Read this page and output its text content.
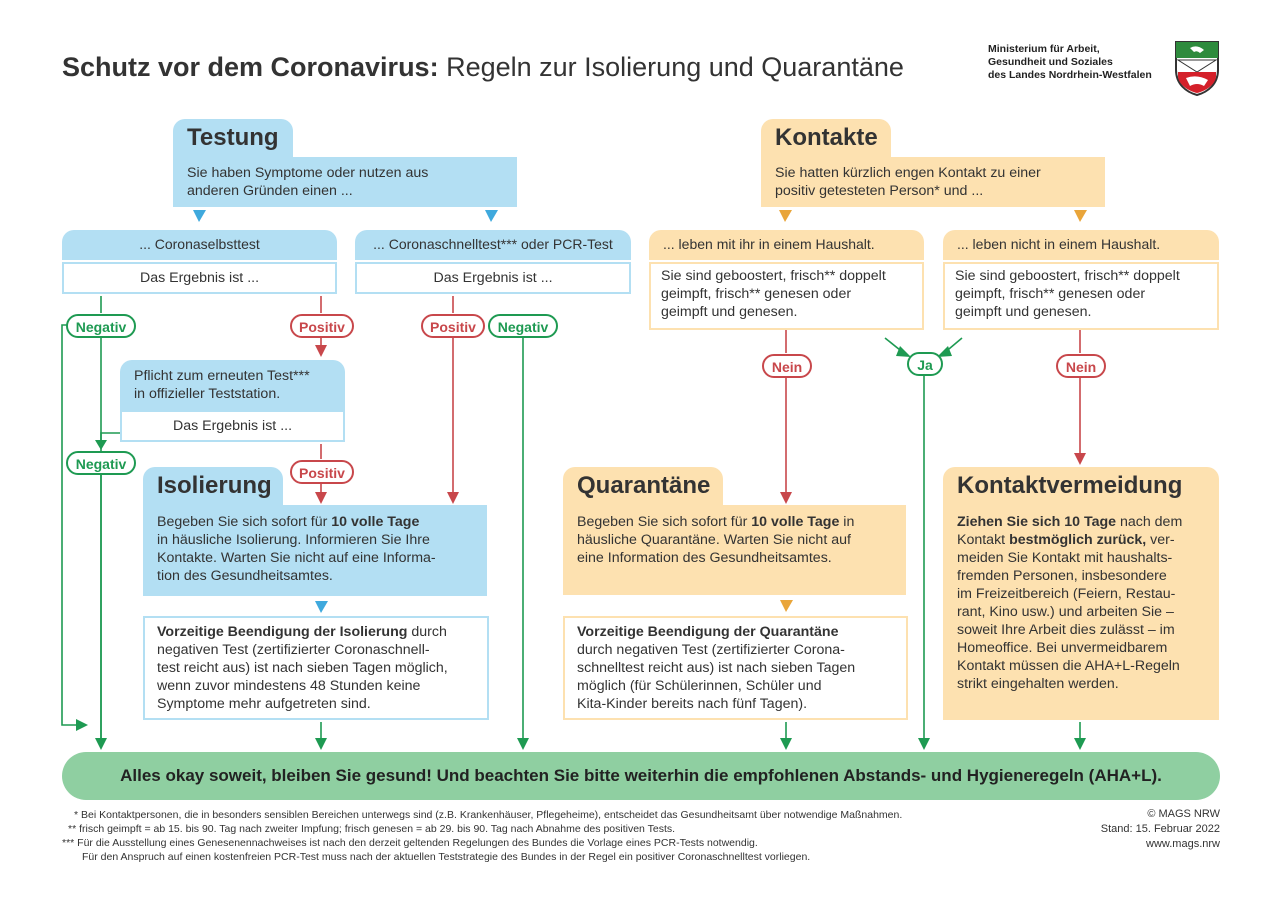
Schutz vor dem Coronavirus: Regeln zur Isolierung und Quarantäne
Ministerium für Arbeit,
Gesundheit und Soziales
des Landes Nordrhein-Westfalen
Testung
Sie haben Symptome oder nutzen aus
anderen Gründen einen ...
... Coronaselbsttest
Das Ergebnis ist ...
... Coronaschnelltest*** oder PCR-Test
Das Ergebnis ist ...
Negativ	Positiv	Positiv	Negativ
Pflicht zum erneuten Test***
in offizieller Teststation.
Das Ergebnis ist ...
Negativ
Positiv
Isolierung
Begeben Sie sich sofort für 10 volle Tage
in häusliche Isolierung. Informieren Sie Ihre
Kontakte. Warten Sie nicht auf eine Informa-
tion des Gesundheitsamtes.
Vorzeitige Beendigung der Isolierung durch
negativen Test (zertifizierter Coronaschnell-
test reicht aus) ist nach sieben Tagen möglich,
wenn zuvor mindestens 48 Stunden keine
Symptome mehr aufgetreten sind.
Kontakte
Sie hatten kürzlich engen Kontakt zu einer
positiv getesteten Person* und ...
... leben mit ihr in einem Haushalt.
Sie sind geboostert, frisch** doppelt
geimpft, frisch** genesen oder
geimpft und genesen.
... leben nicht in einem Haushalt.
Sie sind geboostert, frisch** doppelt
geimpft, frisch** genesen oder
geimpft und genesen.
Nein	Ja	Nein
Quarantäne
Begeben Sie sich sofort für 10 volle Tage in
häusliche Quarantäne. Warten Sie nicht auf
eine Information des Gesundheitsamtes.
Vorzeitige Beendigung der Quarantäne
durch negativen Test (zertifizierter Corona-
schnelltest reicht aus) ist nach sieben Tagen
möglich (für Schülerinnen, Schüler und
Kita-Kinder bereits nach fünf Tagen).
Kontaktvermeidung
Ziehen Sie sich 10 Tage nach dem
Kontakt bestmöglich zurück, ver-
meiden Sie Kontakt mit haushalts-
fremden Personen, insbesondere
im Freizeitbereich (Feiern, Restau-
rant, Kino usw.) und arbeiten Sie –
soweit Ihre Arbeit dies zulässt – im
Homeoffice. Bei unvermeidbarem
Kontakt müssen die AHA+L-Regeln
strikt eingehalten werden.
Alles okay soweit, bleiben Sie gesund! Und beachten Sie bitte weiterhin die empfohlenen Abstands- und Hygieneregeln (AHA+L).
* Bei Kontaktpersonen, die in besonders sensiblen Bereichen unterwegs sind (z.B. Krankenhäuser, Pflegeheime), entscheidet das Gesundheitsamt über notwendige Maßnahmen.
** frisch geimpft = ab 15. bis 90. Tag nach zweiter Impfung; frisch genesen = ab 29. bis 90. Tag nach Abnahme des positiven Tests.
*** Für die Ausstellung eines Genesenennachweises ist nach den derzeit geltenden Regelungen des Bundes die Vorlage eines PCR-Tests notwendig.
Für den Anspruch auf einen kostenfreien PCR-Test muss nach der aktuellen Teststrategie des Bundes in der Regel ein positiver Coronaschnelltest vorliegen.
© MAGS NRW
Stand: 15. Februar 2022
www.mags.nrw
